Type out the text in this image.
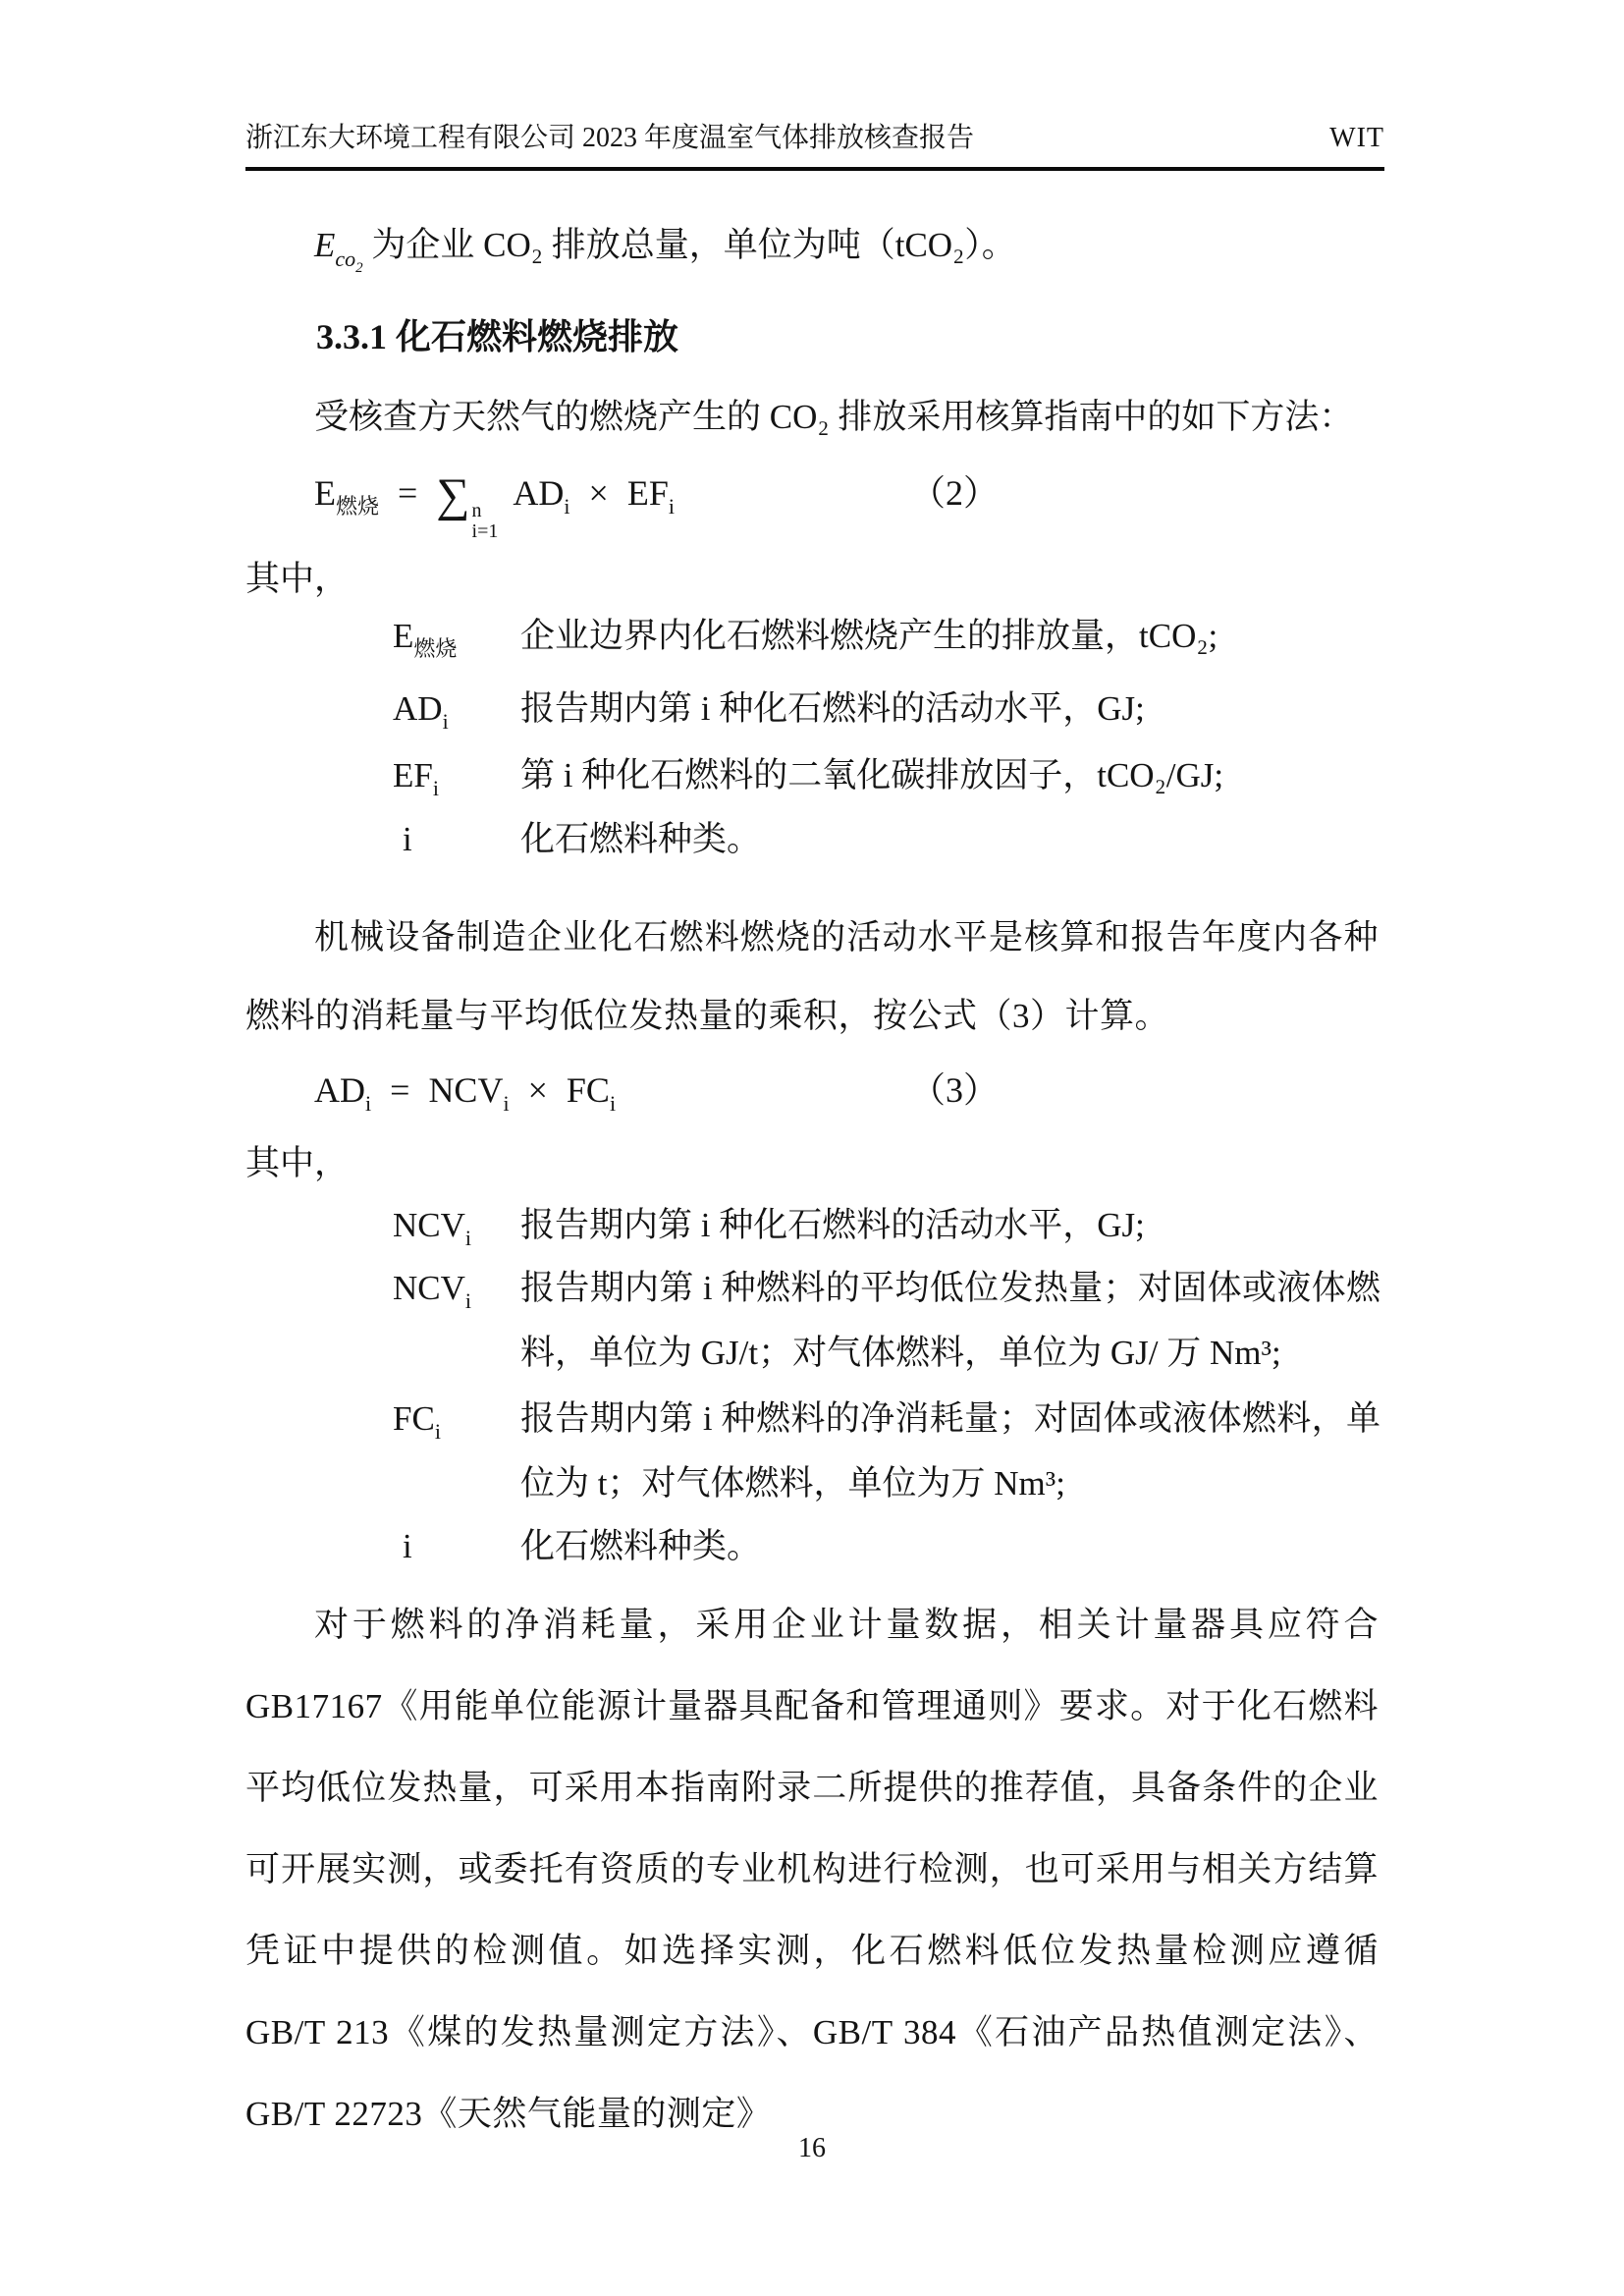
浙江东大环境工程有限公司 2023 年度温室气体排放核查报告	WIT
$E_{co_2}$ 为企业 CO₂ 排放总量，单位为吨（tCO₂）。
3.3.1 化石燃料燃烧排放
受核查方天然气的燃烧产生的 CO₂ 排放采用核算指南中的如下方法：
$E_{燃烧}$ = ∑ n
i=1
$AD_i \times EF_i$	（2）
其中，
$E_{燃烧}$ 企业边界内化石燃料燃烧产生的排放量，tCO₂;
$AD_i$ 报告期内第 i 种化石燃料的活动水平，GJ;
$EF_i$ 第 i 种化石燃料的二氧化碳排放因子，tCO₂/GJ;
i	化石燃料种类。
机械设备制造企业化石燃料燃烧的活动水平是核算和报告年度内各种燃料的消耗量与平均低位发热量的乘积，按公式（3）计算。
$AD_i = NCV_i \times FC_i$	（3）
其中，
$NCV_i$ 报告期内第 i 种化石燃料的活动水平，GJ;
$NCV_i$ 报告期内第 i 种燃料的平均低位发热量；对固体或液体燃料，单位为 GJ/t；对气体燃料，单位为 GJ/ 万 Nm³;
$FC_i$ 报告期内第 i 种燃料的净消耗量；对固体或液体燃料，单位为 t；对气体燃料，单位为万 Nm³;
i	化石燃料种类。
对于燃料的净消耗量，采用企业计量数据，相关计量器具应符合 GB17167《用能单位能源计量器具配备和管理通则》要求。对于化石燃料平均低位发热量，可采用本指南附录二所提供的推荐值，具备条件的企业可开展实测，或委托有资质的专业机构进行检测，也可采用与相关方结算凭证中提供的检测值。如选择实测，化石燃料低位发热量检测应遵循 GB/T 213《煤的发热量测定方法》、GB/T 384《石油产品热值测定法》、GB/T 22723《天然气能量的测定》
16
